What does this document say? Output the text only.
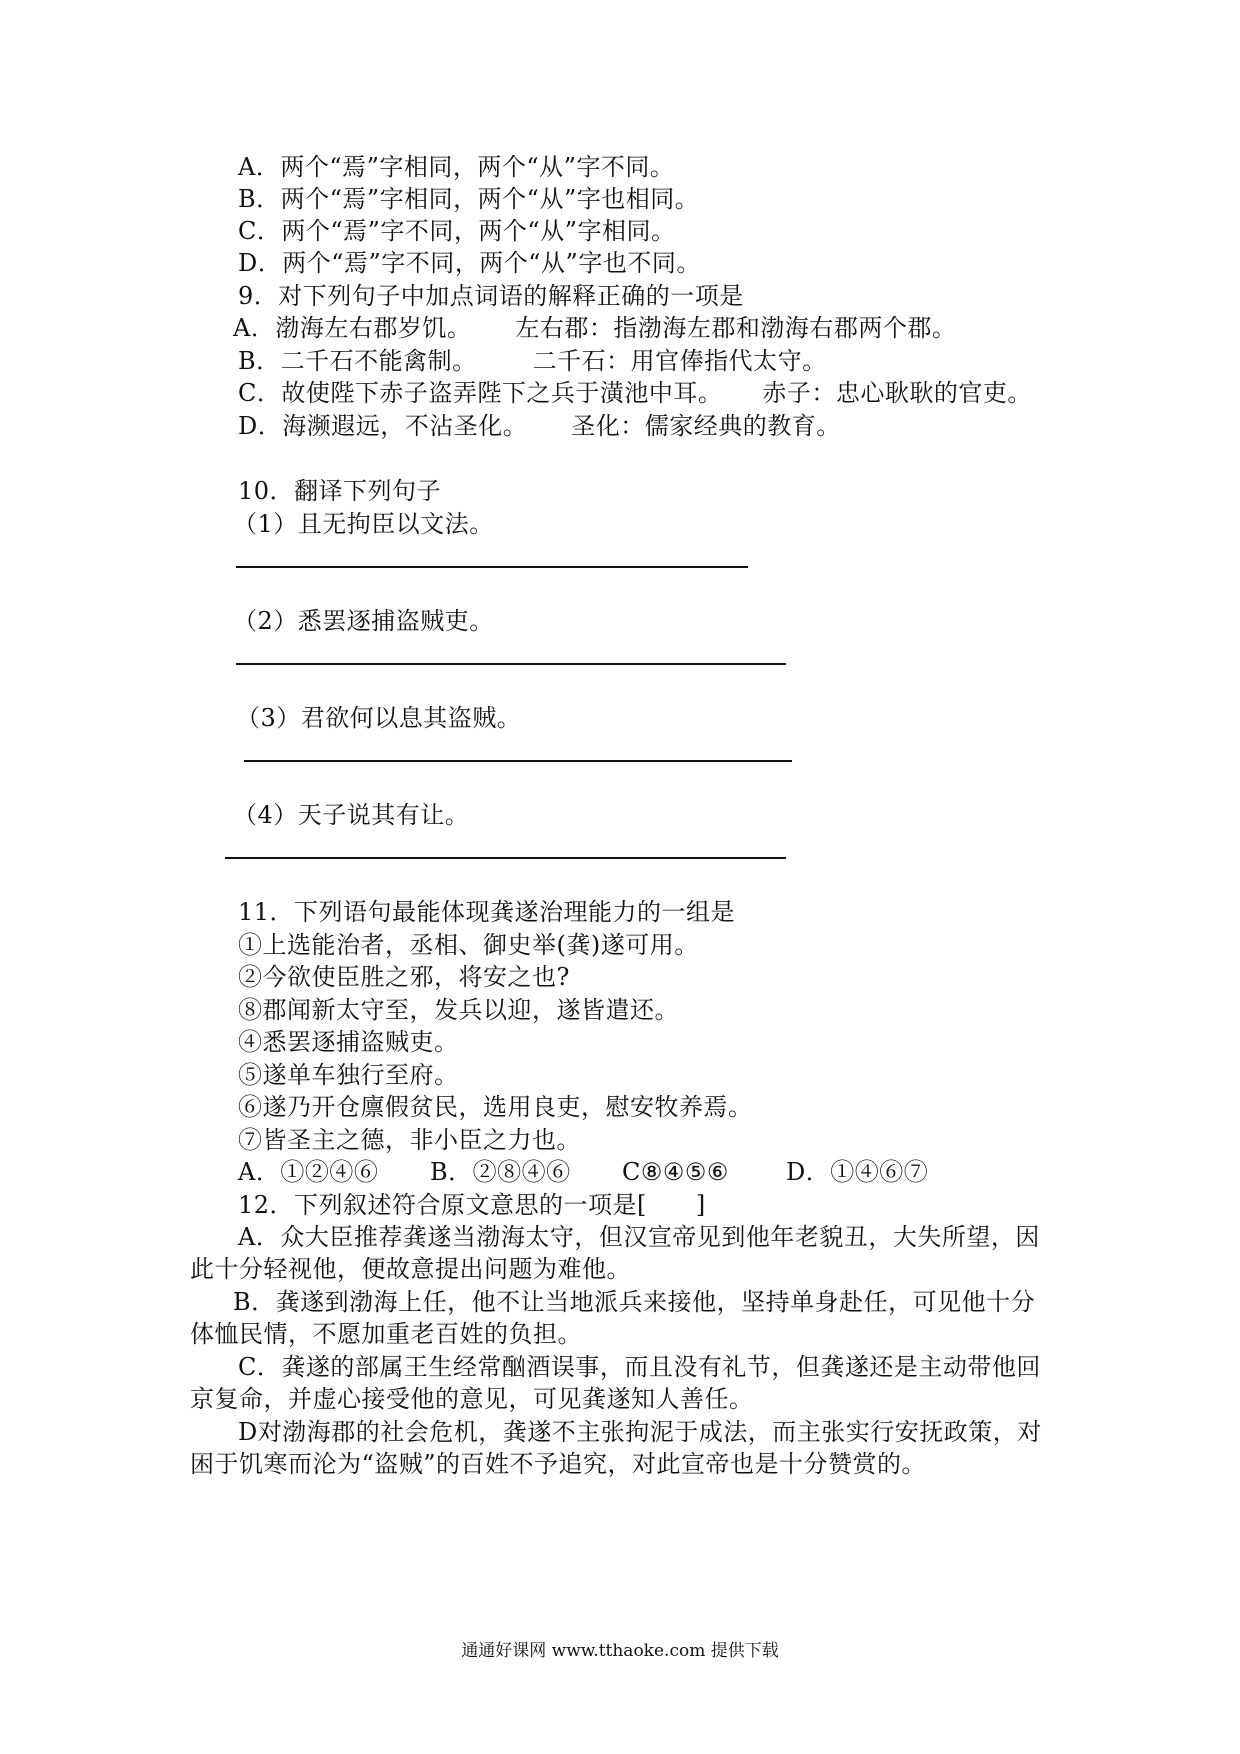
A．两个“焉”字相同，两个“从”字不同。
B．两个“焉”字相同，两个“从”字也相同。
C．两个“焉”字不同，两个“从”字相同。
D．两个“焉”字不同，两个“从”字也不同。
9．对下列句子中加点词语的解释正确的一项是
A．渤海左右郡岁饥。 左右郡：指渤海左郡和渤海右郡两个郡。
B．二千石不能禽制。 二千石：用官俸指代太守。
C．故使陛下赤子盗弄陛下之兵于潢池中耳。 赤子：忠心耿耿的官吏。
D．海濒遐远，不沾圣化。 圣化：儒家经典的教育。
10．翻译下列句子
（1）且无拘臣以文法。
（2）悉罢逐捕盗贼吏。
（3）君欲何以息其盗贼。
（4）天子说其有让。
11．下列语句最能体现龚遂治理能力的一组是
①上选能治者，丞相、御史举(龚)遂可用。
②今欲使臣胜之邪，将安之也?
⑧郡闻新太守至，发兵以迎，遂皆遣还。
④悉罢逐捕盗贼吏。
⑤遂单车独行至府。
⑥遂乃开仓廪假贫民，选用良吏，慰安牧养焉。
⑦皆圣主之德，非小臣之力也。
A．①②④⑥ B．②⑧④⑥ C⑧④⑤⑥ D．①④⑥⑦
12．下列叙述符合原文意思的一项是[　　]
A．众大臣推荐龚遂当渤海太守，但汉宣帝见到他年老貌丑，大失所望，因
此十分轻视他，便故意提出问题为难他。
B．龚遂到渤海上任，他不让当地派兵来接他，坚持单身赴任，可见他十分
体恤民情，不愿加重老百姓的负担。
C．龚遂的部属王生经常酗酒误事，而且没有礼节，但龚遂还是主动带他回
京复命，并虚心接受他的意见，可见龚遂知人善任。
D对渤海郡的社会危机，龚遂不主张拘泥于成法，而主张实行安抚政策，对
困于饥寒而沦为“盗贼”的百姓不予追究，对此宣帝也是十分赞赏的。
通通好课网 www.tthaoke.com 提供下载
